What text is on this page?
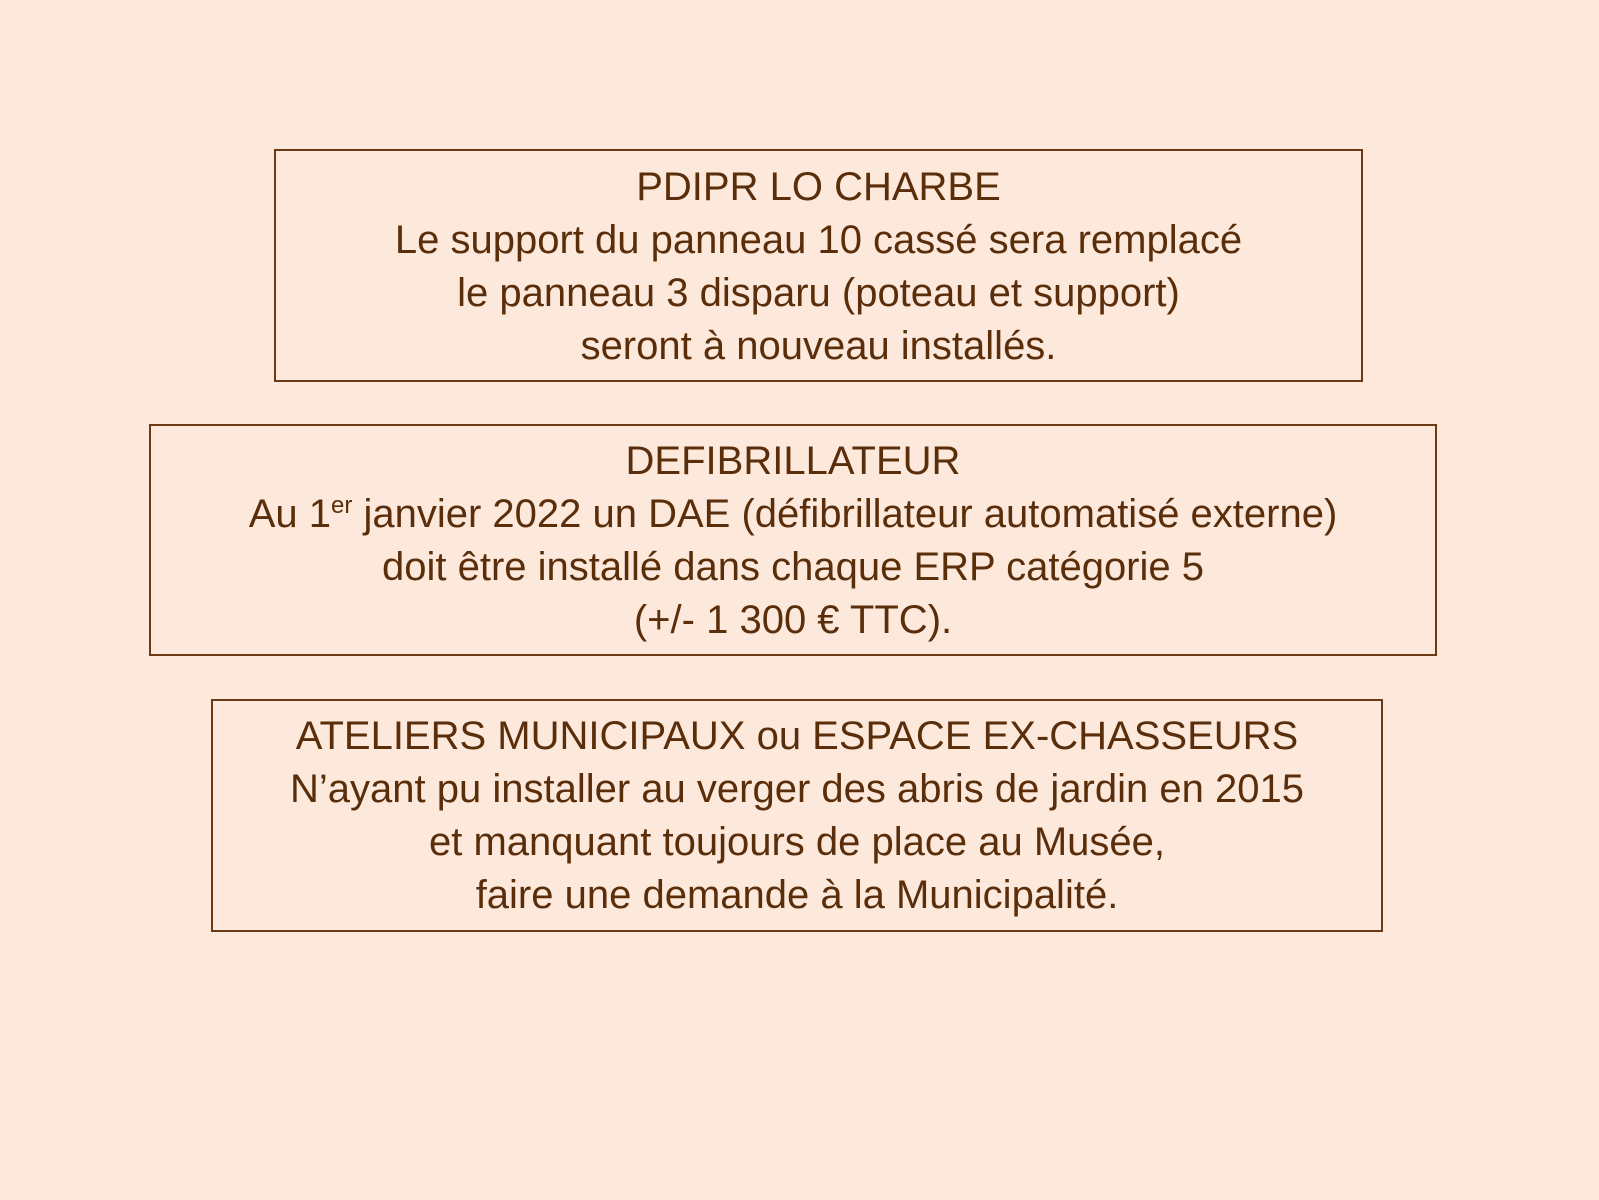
PDIPR LO CHARBE

Le support du panneau 10 cassé sera remplacé

le panneau 3 disparu (poteau et support)

seront à nouveau installés.

DEFIBRILLATEUR

Au 1er janvier 2022 un DAE (défibrillateur automatisé externe)

doit être installé dans chaque ERP catégorie 5

(+/- 1 300 € TTC).

ATELIERS MUNICIPAUX ou ESPACE EX-CHASSEURS

N’ayant pu installer au verger des abris de jardin en 2015

et manquant toujours de place au Musée,

faire une demande à la Municipalité.
